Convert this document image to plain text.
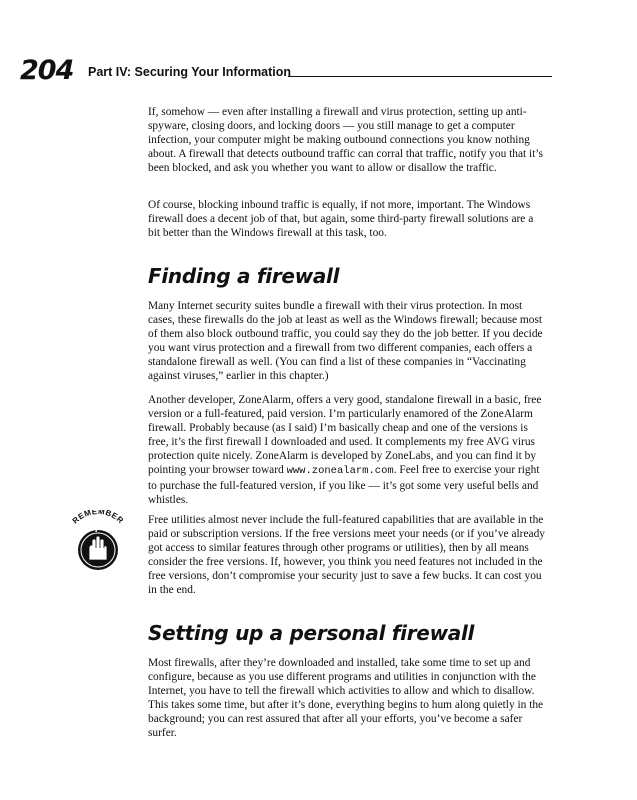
204 Part IV: Securing Your Information

If, somehow — even after installing a firewall and virus protection, setting up anti-spyware, closing doors, and locking doors — you still manage to get a computer infection, your computer might be making outbound connections you know nothing about. A firewall that detects outbound traffic can corral that traffic, notify you that it’s been blocked, and ask you whether you want to allow or disallow the traffic.

Of course, blocking inbound traffic is equally, if not more, important. The Windows firewall does a decent job of that, but again, some third-party firewall solutions are a bit better than the Windows firewall at this task, too.

Finding a firewall

Many Internet security suites bundle a firewall with their virus protection. In most cases, these firewalls do the job at least as well as the Windows firewall; because most of them also block outbound traffic, you could say they do the job better. If you decide you want virus protection and a firewall from two different companies, each offers a standalone firewall as well. (You can find a list of these companies in “Vaccinating against viruses,” earlier in this chapter.)

Another developer, ZoneAlarm, offers a very good, standalone firewall in a basic, free version or a full-featured, paid version. I’m particularly enamored of the ZoneAlarm firewall. Probably because (as I said) I’m basically cheap and one of the versions is free, it’s the first firewall I downloaded and used. It complements my free AVG virus protection quite nicely. ZoneAlarm is developed by ZoneLabs, and you can find it by pointing your browser toward www.zonealarm.com. Feel free to exercise your right to purchase the full-featured version, if you like — it’s got some very useful bells and whistles.

REMEMBER Free utilities almost never include the full-featured capabilities that are available in the paid or subscription versions. If the free versions meet your needs (or if you’ve already got access to similar features through other programs or utilities), then by all means consider the free versions. If, however, you think you need features not included in the free versions, don’t compromise your security just to save a few bucks. It can cost you in the end.

Setting up a personal firewall

Most firewalls, after they’re downloaded and installed, take some time to set up and configure, because as you use different programs and utilities in conjunction with the Internet, you have to tell the firewall which activities to allow and which to disallow. This takes some time, but after it’s done, everything begins to hum along quietly in the background; you can rest assured that after all your efforts, you’ve become a safer surfer.
